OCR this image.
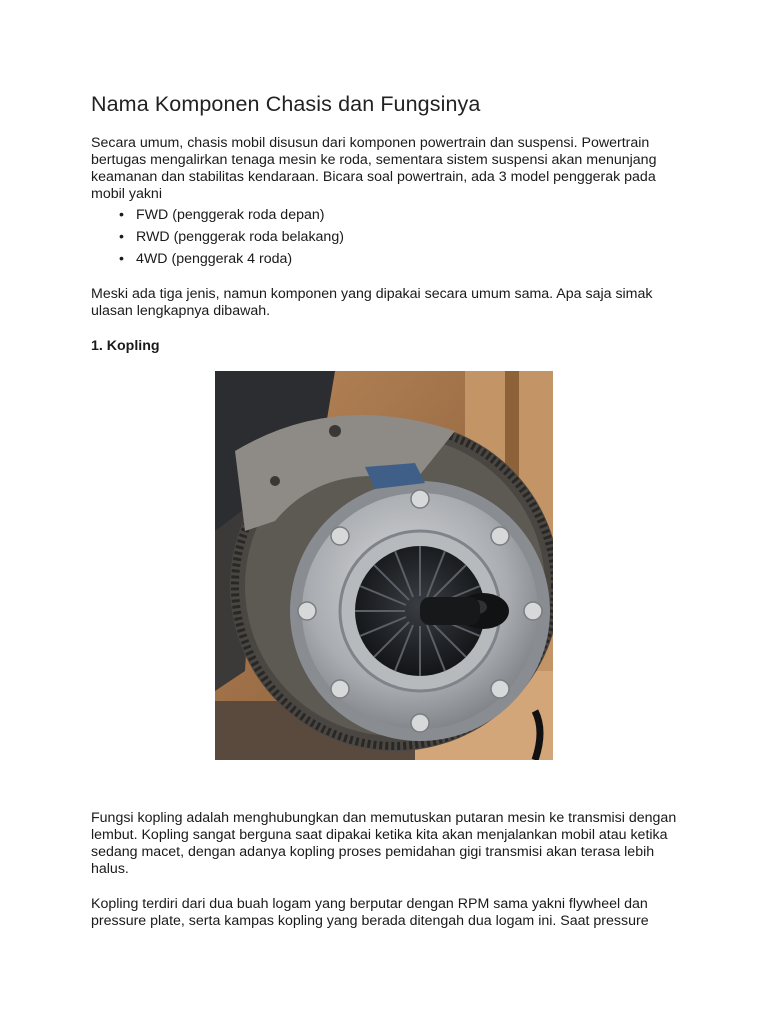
Nama Komponen Chasis dan Fungsinya

Secara umum, chasis mobil disusun dari komponen powertrain dan suspensi. Powertrain bertugas mengalirkan tenaga mesin ke roda, sementara sistem suspensi akan menunjang keamanan dan stabilitas kendaraan. Bicara soal powertrain, ada 3 model penggerak pada mobil yakni

• FWD (penggerak roda depan)
• RWD (penggerak roda belakang)
• 4WD (penggerak 4 roda)

Meski ada tiga jenis, namun komponen yang dipakai secara umum sama. Apa saja simak ulasan lengkapnya dibawah.

1. Kopling

Fungsi kopling adalah menghubungkan dan memutuskan putaran mesin ke transmisi dengan lembut. Kopling sangat berguna saat dipakai ketika kita akan menjalankan mobil atau ketika sedang macet, dengan adanya kopling proses pemidahan gigi transmisi akan terasa lebih halus.

Kopling terdiri dari dua buah logam yang berputar dengan RPM sama yakni flywheel dan pressure plate, serta kampas kopling yang berada ditengah dua logam ini. Saat pressure
